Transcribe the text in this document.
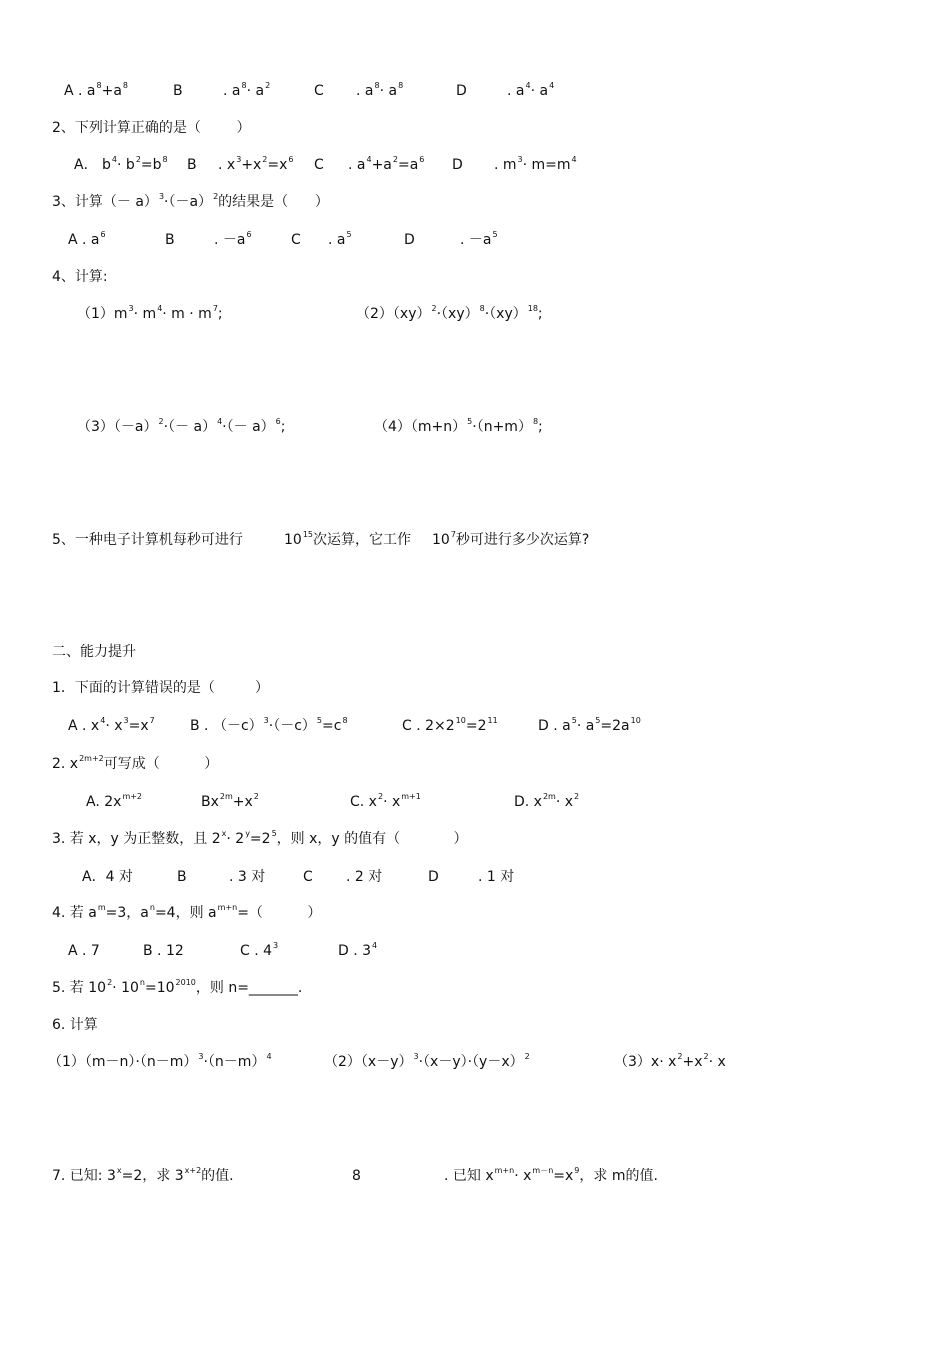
A . $a^8+a^8$	B	. $a^8\cdot a^2$	C . $a^8\cdot a^8$	D	. $a^4\cdot a^4$
2、下列计算正确的是（        ）
A． $b^4\cdot b^2=b^8$ B . $x^3+x^2=x^6$ C . $a^4+a^2=a^6$ D . $m^3\cdot m=m^4$
3、计算（－ $a)^3\cdot(-a)^2$的结果是（      ）
A . $a^6$	B	. $-a^6$	C . $a^5$	D	. $-a^5$
4、计算:
$(1)m^3\cdot m^4\cdot m \cdot m^7$;	（2）（xy）$^2$·（xy）$^8$·（xy）$^{18}$;
$(3)(-a)^2\cdot(- a)^4\cdot(- a)^6$;	$(4)(m+n)^5\cdot(n+m)^8$;
5、一种电子计算机每秒可进行	$10^{15}$次运算，它工作 $10^7$秒可进行多少次运算?
二、能力提升
1．下面的计算错误的是（         ）
A . $x^4\cdot x^3=x^7$	B . $(-c)^3\cdot(-c)^5=c^8$	C . $2\times 2^{10}=2^{11}$	D . $a^5\cdot a^5=2a^{10}$
2. $x^{2m+2}$可写成（          ）
A. $2x^{m+2}$	$Bx^{2m}+x^2$	C. $x^2\cdot x^{m+1}$	D. $x^{2m}\cdot x^2$
3. 若 x，y 为正整数，且 $2^x\cdot 2^y=2^5$，则 x，y 的值有（            ）
A．4 对	B	. 3 对	C . 2 对	D	. 1 对
4. 若 $a^m=3$，$a^n=4$，则 $a^{m+n}=$（          ）
A . 7	B . 12	C . $4^3$	D . $3^4$
5. 若 $10^2\cdot 10^n=10^{2010}$，则 n=_______.
6. 计算
$(1)(m-n)\cdot(n-m)^3\cdot(n-m)^4$	$(2)(x-y)^3\cdot(x-y)\cdot(y-x)^2$	$(3)x\cdot x^2+x^2\cdot x$
7. 已知: $3^x=2$，求 $3^{x+2}$的值.	8	. 已知 $x^{m+n}\cdot x^{m-n}=x^9$，求 m的值.
